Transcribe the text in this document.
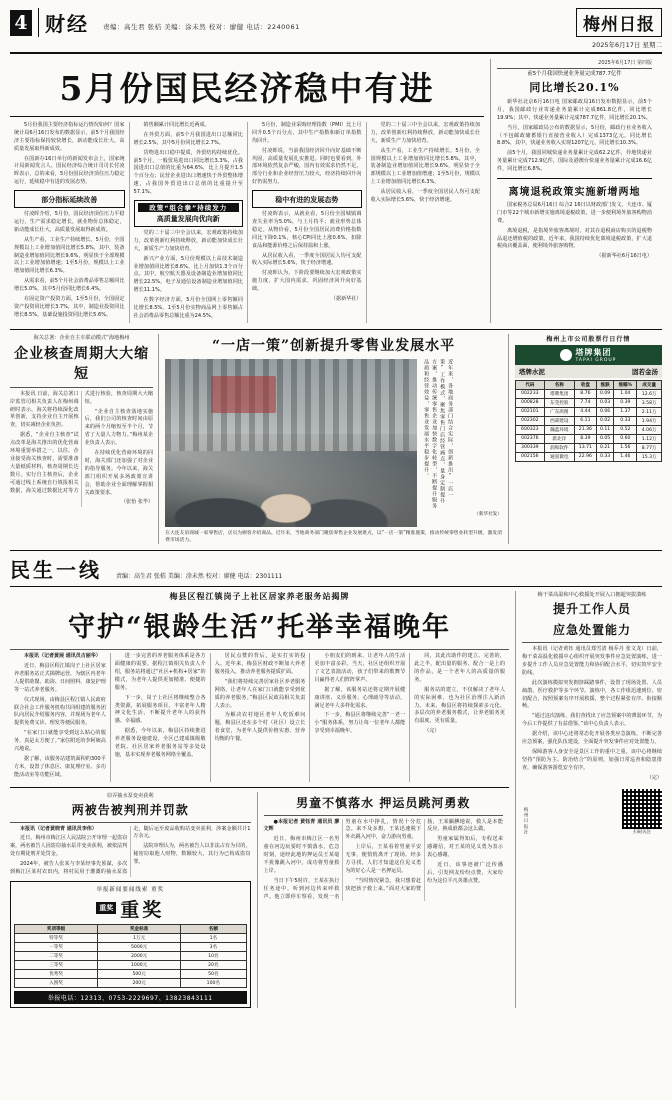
4 财经	责编：高生君 张桔 美编：涂未然 校对：廖健 电话：2240061	梅州日报
2025年6月17日 星期二
5月份国民经济稳中有进

5月份我国主要经济指标运行情况如何？国家统计局6月16日发布的数据显示，前5个月我国经济主要指标保持较快增长，新动能成长壮大，高质量发展取得新成效。

在国新办16日举行的新闻发布会上，国家统计局新闻发言人、国民经济综合统计司司长付凌晖表示，总的来看，5月份国民经济顶住压力稳定运行，延续稳中有进的发展态势。

部分指标延续改善

付凌晖介绍，5月份，国民经济顶住压力平稳运行，生产需求稳定增长，就业物价总体稳定，新动能成长壮大，高质量发展取得新成效。

从生产看，工业生产持续增长。5月份，全国规模以上工业增加值同比增长5.8%，其中，装备制造业增加值同比增长9.6%，明显快于全部规模以上工业增加值增速；1至5月份，规模以上工业增加值同比增长6.3%。

从需求看，前5个月社会消费品零售总额同比增长5.0%，其中5月份同比增长6.4%。

在固定资产投资方面，1至5月份，全国固定资产投资同比增长3.7%，其中，制造业投资同比增长8.5%，基础设施投资同比增长5.6%。

销售额累计同比增长近两成。

在外贸方面，前5个月我国进出口总额同比增长2.5%，其中5月份同比增长2.7%。

货物进出口稳中提质，外贸结构持续优化。前5个月，一般贸易进出口同比增长3.3%，占我国进出口总值的比重为64.6%，比上月提升1.5个百分点；民营企业进出口增速快于外贸整体增速，占我国外贸进出口总值的比重提升至57.1%。

政策“组合拳”持续发力
高质量发展向优向新

党的二十届三中全会以来，宏观政策持续加力，改革创新红利持续释放，新动能加快成长壮大，新质生产力加快培育。

新兴产业方面，5月份规模以上高技术制造业增加值同比增长8.6%，比上月加快1.3个百分点。其中，航空航天器及设备制造业增加值同比增长22.5%，电子及通信设备制造业增加值同比增长11.1%。

在数字经济方面，5月份全国网上零售额同比增长8.5%。1至5月份实物商品网上零售额占社会消费品零售总额比重为24.5%。

5月份，制造业采购经理指数（PMI）比上月回升0.5个百分点，其中生产指数和新订单指数均回升。

付凌晖说，当前我国经济回升向好基础不断巩固，高质量发展扎实推进。同时也要看到，外部环境依然复杂严峻，国内有效需求仍然不足，部分行业和企业经营压力较大，经济持续回升向好仍需努力。

稳中有进的发展态势

付凌晖表示，从就业看，5月份全国城镇调查失业率为5.0%，与上月持平；就业形势总体稳定。从物价看，5月份全国居民消费价格指数同比下降0.1%，核心CPI同比上涨0.6%，扣除食品和能源价格之后保持温和上涨。

从居民收入看，一季度全国居民人均可支配收入实际增长5.6%，快于经济增速。

付凌晖认为，下阶段要继续加大宏观政策实施力度，扩大国内需求，巩固经济回升向好基础。

（据新华社）

党的二十届三中全会以来，宏观政策持续加力，改革创新红利持续释放，新动能加快成长壮大，新质生产力加快培育。

从生产看，工业生产持续增长。5月份，全国规模以上工业增加值同比增长5.8%，其中，装备制造业增加值同比增长9.6%，明显快于全部规模以上工业增加值增速；1至5月份，规模以上工业增加值同比增长6.3%。

从居民收入看，一季度全国居民人均可支配收入实际增长5.6%，快于经济增速。

2025年6月17日 第四版
前5个月我国快递业务量完成787.7亿件
同比增长20.1%

新华社北京6月16日电 国家邮政局16日发布数据显示，前5个月，我国邮政行业寄递业务量累计完成861.8亿件，同比增长19.9%；其中，快递业务量累计完成787.7亿件，同比增长20.1%。

当月，国家邮政局公布的数据显示，5月份，邮政行业业务收入（不包邮政储蓄银行直接营业收入）完成1373亿元，同比增长8.8%，其中，快递业务收入实现1207亿元，同比增长10.3%。

前5个月，我国同城快递业务量累计完成62.2亿件，异地快递业务量累计完成712.9亿件，国际及港澳台快递业务量累计完成16.6亿件，同比增长6.8%。

离境退税政策实施新增两地

国家税务总局6月16日 综合2 16日以财政部门发文，大连市、厦门市等22个城市新增实施离境退税政策，进一步便利境外旅客购物消费。

离境退税，是指境外旅客离境时，对其在退税商店购买的退税物品退还增值税的政策。近年来，我国持续优化离境退税政策，扩大退税商店覆盖面，便利境外旅客购物。

（据新华社6月16日电）

海关总署：企业自主车联动模式“海地梅州
企业核查周期大大缩短

本报讯 日前，海关总署口岸监管司相关负责人在梅州调研时表示，海关将持续深化改革创新，支持企业自主开展核查，切实减轻企业负担。

据悉，“企业自主核查”试点改革是海关推出的优化营商环境重要举措之一。以往，企业接受海关核查时，需要准备大量纸质材料，核查周期长达数月。实行自主核查后，企业可通过线上系统自行填报相关数据，海关通过数据比对等方式进行核验，核查周期大大缩短。

“企业自主核查落地实施后，我们公司的核查时间由原来的两个月缩短至半个月，节省了大量人力物力。”梅州某企业负责人表示。

在持续优化营商环境的同时，海关部门还加强了对企业的指导服务。今年以来，海关部门组织开展多场政策宣讲会，帮助企业全面理解掌握相关政策要求。

（张怡 张毕）

“一店一策”创新提升零售业发展水平
近年来，各地商务部门结合实际，创新推出“一店一策”工作模式，聚焦零售门店经营痛点，量身定制提升方案，推动传统零售企业加快数字化转型，不断提升服务品质和经营效益，零售业发展水平稳步提升。
（新华社发）
在大连友谊商城一家零售店，店员为顾客介绍商品。近年来，当地商务部门聚焦零售企业发展难点，以“一店一策”精准施策，推动传统零售业转型升级，激发消费市场活力。
梅州上市公司股票行日行情
塔牌集团
TAPAI GROUP
塔牌水泥	固若金汤
代码	名称	收盘	涨跌	涨幅%	成交量
002233	塔牌集团	8.76	0.09	1.04	12.6万
000828	东莞控股	7.74	0.03	0.39	3.58万
002101	广东鸿图	4.44	0.06	1.37	2.11万
002302	西部建设	6.11	0.02	0.33	1.94万
600323	瀚蓝环境	21.36	0.11	0.52	4.06万
002376	新北洋	8.39	0.05	0.60	1.12万
300339	润和软件	13.71	0.21	1.56	8.77万
002156	通富微电	22.96	0.33	1.46	15.3万
民生一线	责编：高生君 张桔 美编：涂未然 校对：廖健 电话：2301111
梅县区程江镇岗子上社区居家养老服务站揭牌
守护“银龄生活”托举幸福晚年

本报讯（记者黄展 通讯员古丽华）

近日，梅县区程江镇岗子上社区居家养老服务站正式揭牌运营，为辖区内老年人提供助餐、助浴、日间照料、康复护理等一站式养老服务。

仪式现场，由梅县区程江镇人民政府联合社会工作服务机构共同组建的服务团队向居民介绍服务内容，并现场为老年人提供免费义诊、理发等便民服务。

“在家门口就能享受到这么贴心的服务，真是太方便了。”家住附近的李阿姨高兴地说。

据了解，该服务站建筑面积约300平方米，设置了休息区、康复理疗室、多功能活动室等功能区域。

进一步完善的养老服务体系是各方面健康的需要。据程江镇相关负责人介绍，服务站将通过“社区+机构+居家”的模式，为老年人提供更加精准、便捷的服务。

下一步，岗子上社区将继续整合各类资源，拓展服务项目，丰富老年人精神文化生活，不断提升老年人的获得感、幸福感。

据悉，今年以来，梅县区持续推进养老服务设施建设，全区已建成镇级敬老院、社区居家养老服务站等多处设施，基本实现养老服务网络全覆盖。

居民点赞的背后，是实打实的投入。近年来，梅县区财政不断加大养老服务投入，推动养老服务提质扩面。

“我们将持续完善居家社区养老服务网络，让老年人在家门口就能享受到优质的养老服务。”梅县区民政局相关负责人表示。

为解决农村地区老年人吃饭难问题，梅县区还在多个村（社区）设立长者食堂，为老年人提供价格实惠、营养均衡的午餐。

小朋友们的到来，让老年人的生活更加丰富多彩。当天，社区还组织开展了文艺表演活动，孩子们带来的歌舞节目赢得老人们阵阵掌声。

据了解，该服务站还将定期开展健康讲座、义诊服务、心理疏导等活动，满足老年人多样化需求。

下一步，梅县区将继续完善“一老一小”服务体系，努力让每一位老年人都能享受到幸福晚年。

同，其此次助作的建立、完善的，此之半，配出量的服务、配合一是上的的作品，是一个老年人的高质量的服务。

服务站的建立，不仅解决了老年人的实际困难，也为社区治理注入新活力。未来，梅县区将持续探索多元化、多层次的养老服务模式，让养老服务更有温度、更有质量。

（完）

窃弄抽水泵变卖获利
两被告被判刑并罚款

本报讯（记者黄晓青 通讯员李伟）

近日，梅州市梅江区人民法院公开审理一起盗窃案，两名被告人因盗窃抽水泵并变卖获利，被依法判处有期徒刑并处罚金。

2024年，被告人张某与李某经事先预谋，多次到梅江区某村农田内，将村民用于灌溉的抽水泵盗走，随后运至废品收购站变卖获利，涉案金额共计1万余元。

法院审理认为，两名被告人以非法占有为目的，秘密窃取他人财物，数额较大，其行为已构成盗窃罪。

举报新闻要闻线索 重奖
重奖 重奖
奖项等级	奖金标准	名额
特等奖	1万元	1名
一等奖	5000元	3名
二等奖	2000元	10名
三等奖	1000元	20名
优秀奖	500元	50名
入围奖	200元	100名
举报电话：12313、0753-2229697、13823843111
男童不慎落水 押运员跳河勇救

●本报记者 黄钰青 通讯员 廖文辉

近日，梅州市梅江区一名男童在河边玩耍时不慎落水，危急时刻，途经此地的押运员王某毫不犹豫跳入河中，成功将男童救上岸。

当日下午5时许，王某在执行任务途中，听到河边传来呼救声。他立即停车察看，发现一名男童在水中挣扎，情况十分危急。来不及多想，王某迅速脱下外衣跳入河中，奋力游向男童。

上岸后，王某看着男童平安无事，便悄悄离开了现场。经多方寻找，人们才知道这位见义勇为的好心人是一名押运员。

“当时情况紧急，我只想着赶快把孩子救上来。”面对大家的赞扬，王某腼腆地说，救人是本能反应，换成谁都会这么做。

男童家属得知后，专程送来感谢信，对王某的见义勇为表示衷心感谢。

近日，该事迹被广泛传播后，引发网友纷纷点赞，大家纷纷为这位平凡英雄点赞。

梅干菜高温和中心救援处开展入口拥超突拔溃练
提升工作人员
应急处置能力

本报讯（记者黄钰 通讯员郑雪清 杨乔丹 张文龙）日前，梅干菜高温化救援中心组织开展突发事件应急处置演练，进一步提升工作人员应急处置能力和协同配合水平，切实筑牢安全防线。

此次演练模拟突发拥挤踩踏事件，设置了现场处置、人员疏散、医疗救护等多个环节。演练中，各工作组迅速到位、密切配合，按照预案有序开展救援，整个过程紧张有序、衔接顺畅。

“通过这次演练，我们查找出了应急预案中的薄弱环节，为今后工作提供了有益借鉴。”该中心负责人表示。

据介绍，该中心还将常态化开展各类应急演练，不断完善应急预案，强化队伍建设，全面提升突发事件应对处置能力。

保障游客人身安全是景区工作的重中之重。该中心将继续坚持“预防为主、防治结合”的原则，加强日常巡查和隐患排查，确保游客游览安全有序。

（完）

梅州日报社	扫码关注
